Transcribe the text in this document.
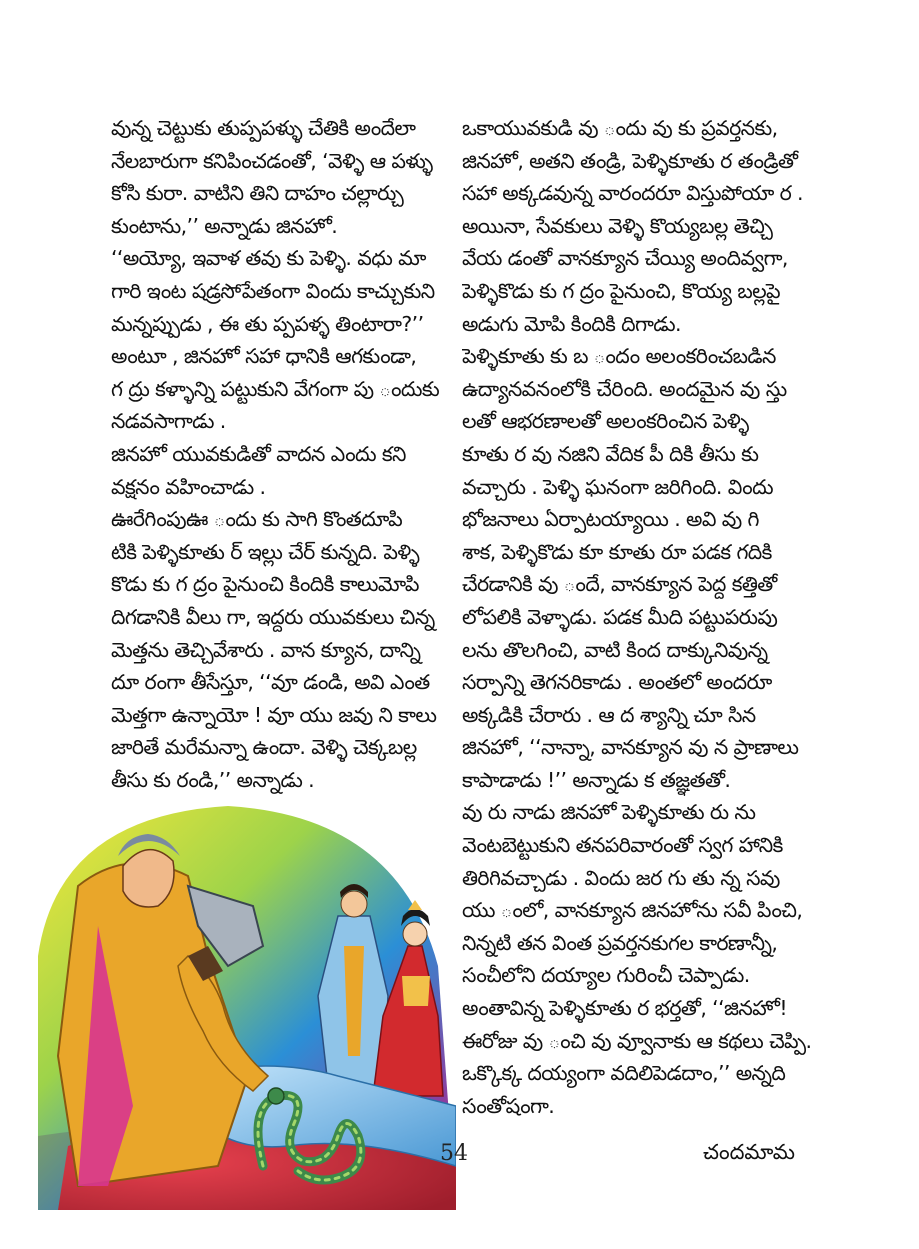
వున్న చెట్టుకు తుప్పపళ్ళు చేతికి అందేలా
నేలబారుగా కనిపించడంతో, ‘వెళ్ళి ఆ పళ్ళు
కోసి కురా. వాటిని తిని దాహం చల్లార్చు
కుంటాను,’’ అన్నాడు జినహో.
‘‘అయ్యో, ఇవాళ తవు కు పెళ్ళి. వధు మా
గారి ఇంట షడ్రసోపేతంగా విందు కాచ్చుకుని
మన్నప్పుడు , ఈ తు ప్పపళ్ళ తింటారా?’’
అంటూ , జినహో సహా ధానికి ఆగకుండా,
గ ద్రు కళ్ళాన్ని పట్టుకుని వేగంగా పు ందుకు
నడవసాగాడు .
జినహో యువకుడితో వాదన ఎందు కని
వక్షనం వహించాడు .
ఊరేగింపుఊ ందు కు సాగి కొంతదూపి
టికి పెళ్ళికూతు ర్ ఇల్లు చేర్ కున్నది. పెళ్ళి
కొడు కు గ ద్రం పైనుంచి కిందికి కాలుమోపి
దిగడానికి వీలు గా, ఇద్దరు యువకులు చిన్న
మెత్తను తెచ్చివేశారు . వాన క్యూన, దాన్ని
దూ రంగా తీసేస్తూ, ‘‘వూ డండి, అవి ఎంత
మెత్తగా ఉన్నాయో ! వూ యు జవు ని కాలు
జారితే మరేమన్నా ఉందా. వెళ్ళి చెక్కబల్ల
తీసు కు రండి,’’ అన్నాడు .
ఒకాయువకుడి వు ందు వు కు ప్రవర్తనకు,
జినహో, అతని తండ్రి, పెళ్ళికూతు ర తండ్రితో
సహా అక్కడవున్న వారందరూ విస్తుపోయా ర .
అయినా, సేవకులు వెళ్ళి కొయ్యబల్ల తెచ్చి
వేయ డంతో వానక్యూన చేయ్యి అందివ్వగా,
పెళ్ళికొడు కు గ ద్రం పైనుంచి, కొయ్య బల్లపై
అడుగు మోపి కిందికి దిగాడు.
పెళ్ళికూతు కు బ ందం అలంకరించబడిన
ఉద్యానవనంలోకి చేరింది. అందమైన వు స్తు
లతో ఆభరణాలతో అలంకరించిన పెళ్ళి
కూతు ర వు నజిని వేదిక పీ దికి తీసు కు
వచ్చారు . పెళ్ళి ఘనంగా జరిగింది. విందు
భోజనాలు ఏర్పాటయ్యాయి . అవి వు గి
శాక, పెళ్ళికొడు కూ కూతు రూ పడక గదికి
చేరడానికి వు ందే, వానక్యూన పెద్ద కత్తితో
లోపలికి వెళ్ళాడు. పడక మీది పట్టుపరుపు
లను తొలగించి, వాటి కింద దాక్కునివున్న
సర్పాన్ని తెగనరికాడు . అంతలో అందరూ
అక్కడికి చేరారు . ఆ ద శ్యాన్ని చూ సిన
జినహో, ‘‘నాన్నా, వానక్యూన వు న ప్రాణాలు
కాపాడాడు !’’ అన్నాడు క తజ్ఞతతో.
వు రు నాడు జినహో పెళ్ళికూతు రు ను
వెంటబెట్టుకుని తనపరివారంతో స్వగ హానికి
తిరిగివచ్చాడు . విందు జర గు తు న్న సవు
యు ంలో, వానక్యూన జినహోను సవీ పించి,
నిన్నటి తన వింత ప్రవర్తనకుగల కారణాన్నీ,
సంచీలోని దయ్యాల గురించీ చెప్పాడు.
అంతావిన్న పెళ్ళికూతు ర భర్తతో, ‘‘జినహో!
ఈరోజు వు ంచి వు వ్వూనాకు ఆ కథలు చెప్పి.
ఒక్కొక్క దయ్యంగా వదిలిపెడదాం,’’ అన్నది
సంతోషంగా.
54	చందమామ
